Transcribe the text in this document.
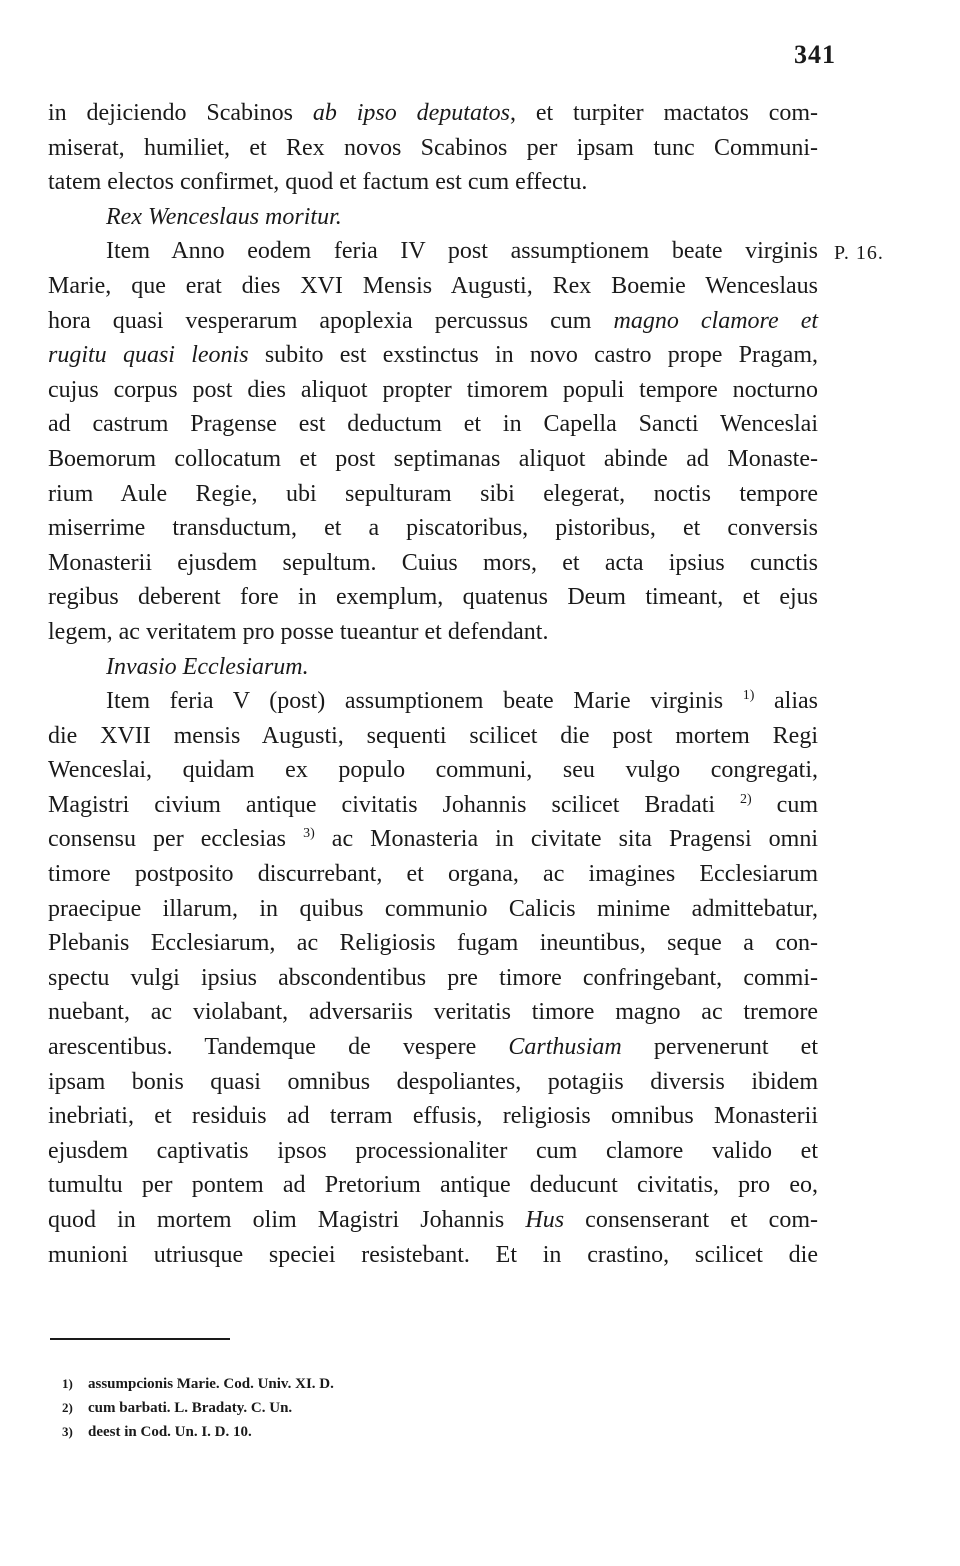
341
P. 16.
in dejiciendo Scabinos ab ipso deputatos, et turpiter mactatos com-
miserat, humiliet, et Rex novos Scabinos per ipsam tunc Communi-
tatem electos confirmet, quod et factum est cum effectu.
Rex Wenceslaus moritur.
Item Anno eodem feria IV post assumptionem beate virginis
Marie, que erat dies XVI Mensis Augusti, Rex Boemie Wenceslaus
hora quasi vesperarum apoplexia percussus cum magno clamore et
rugitu quasi leonis subito est exstinctus in novo castro prope Pragam,
cujus corpus post dies aliquot propter timorem populi tempore nocturno
ad castrum Pragense est deductum et in Capella Sancti Wenceslai
Boemorum collocatum et post septimanas aliquot abinde ad Monaste-
rium Aule Regie, ubi sepulturam sibi elegerat, noctis tempore
miserrime transductum, et a piscatoribus, pistoribus, et conversis
Monasterii ejusdem sepultum. Cuius mors, et acta ipsius cunctis
regibus deberent fore in exemplum, quatenus Deum timeant, et ejus
legem, ac veritatem pro posse tueantur et defendant.
Invasio Ecclesiarum.
Item feria V (post) assumptionem beate Marie virginis $^{1)}$ alias
die XVII mensis Augusti, sequenti scilicet die post mortem Regi
Wenceslai, quidam ex populo communi, seu vulgo congregati,
Magistri civium antique civitatis Johannis scilicet Bradati $^{2)}$ cum
consensu per ecclesias $^{3)}$ ac Monasteria in civitate sita Pragensi omni
timore postposito discurrebant, et organa, ac imagines Ecclesiarum
praecipue illarum, in quibus communio Calicis minime admittebatur,
Plebanis Ecclesiarum, ac Religiosis fugam ineuntibus, seque a con-
spectu vulgi ipsius abscondentibus pre timore confringebant, commi-
nuebant, ac violabant, adversariis veritatis timore magno ac tremore
arescentibus. Tandemque de vespere Carthusiam pervenerunt et
ipsam bonis quasi omnibus despoliantes, potagiis diversis ibidem
inebriati, et residuis ad terram effusis, religiosis omnibus Monasterii
ejusdem captivatis ipsos processionaliter cum clamore valido et
tumultu per pontem ad Pretorium antique deducunt civitatis, pro eo,
quod in mortem olim Magistri Johannis Hus consenserant et com-
munioni utriusque speciei resistebant. Et in crastino, scilicet die
1) assumpcionis Marie. Cod. Univ. XI. D.
2) cum barbati. L. Bradaty. C. Un.
3) deest in Cod. Un. I. D. 10.
